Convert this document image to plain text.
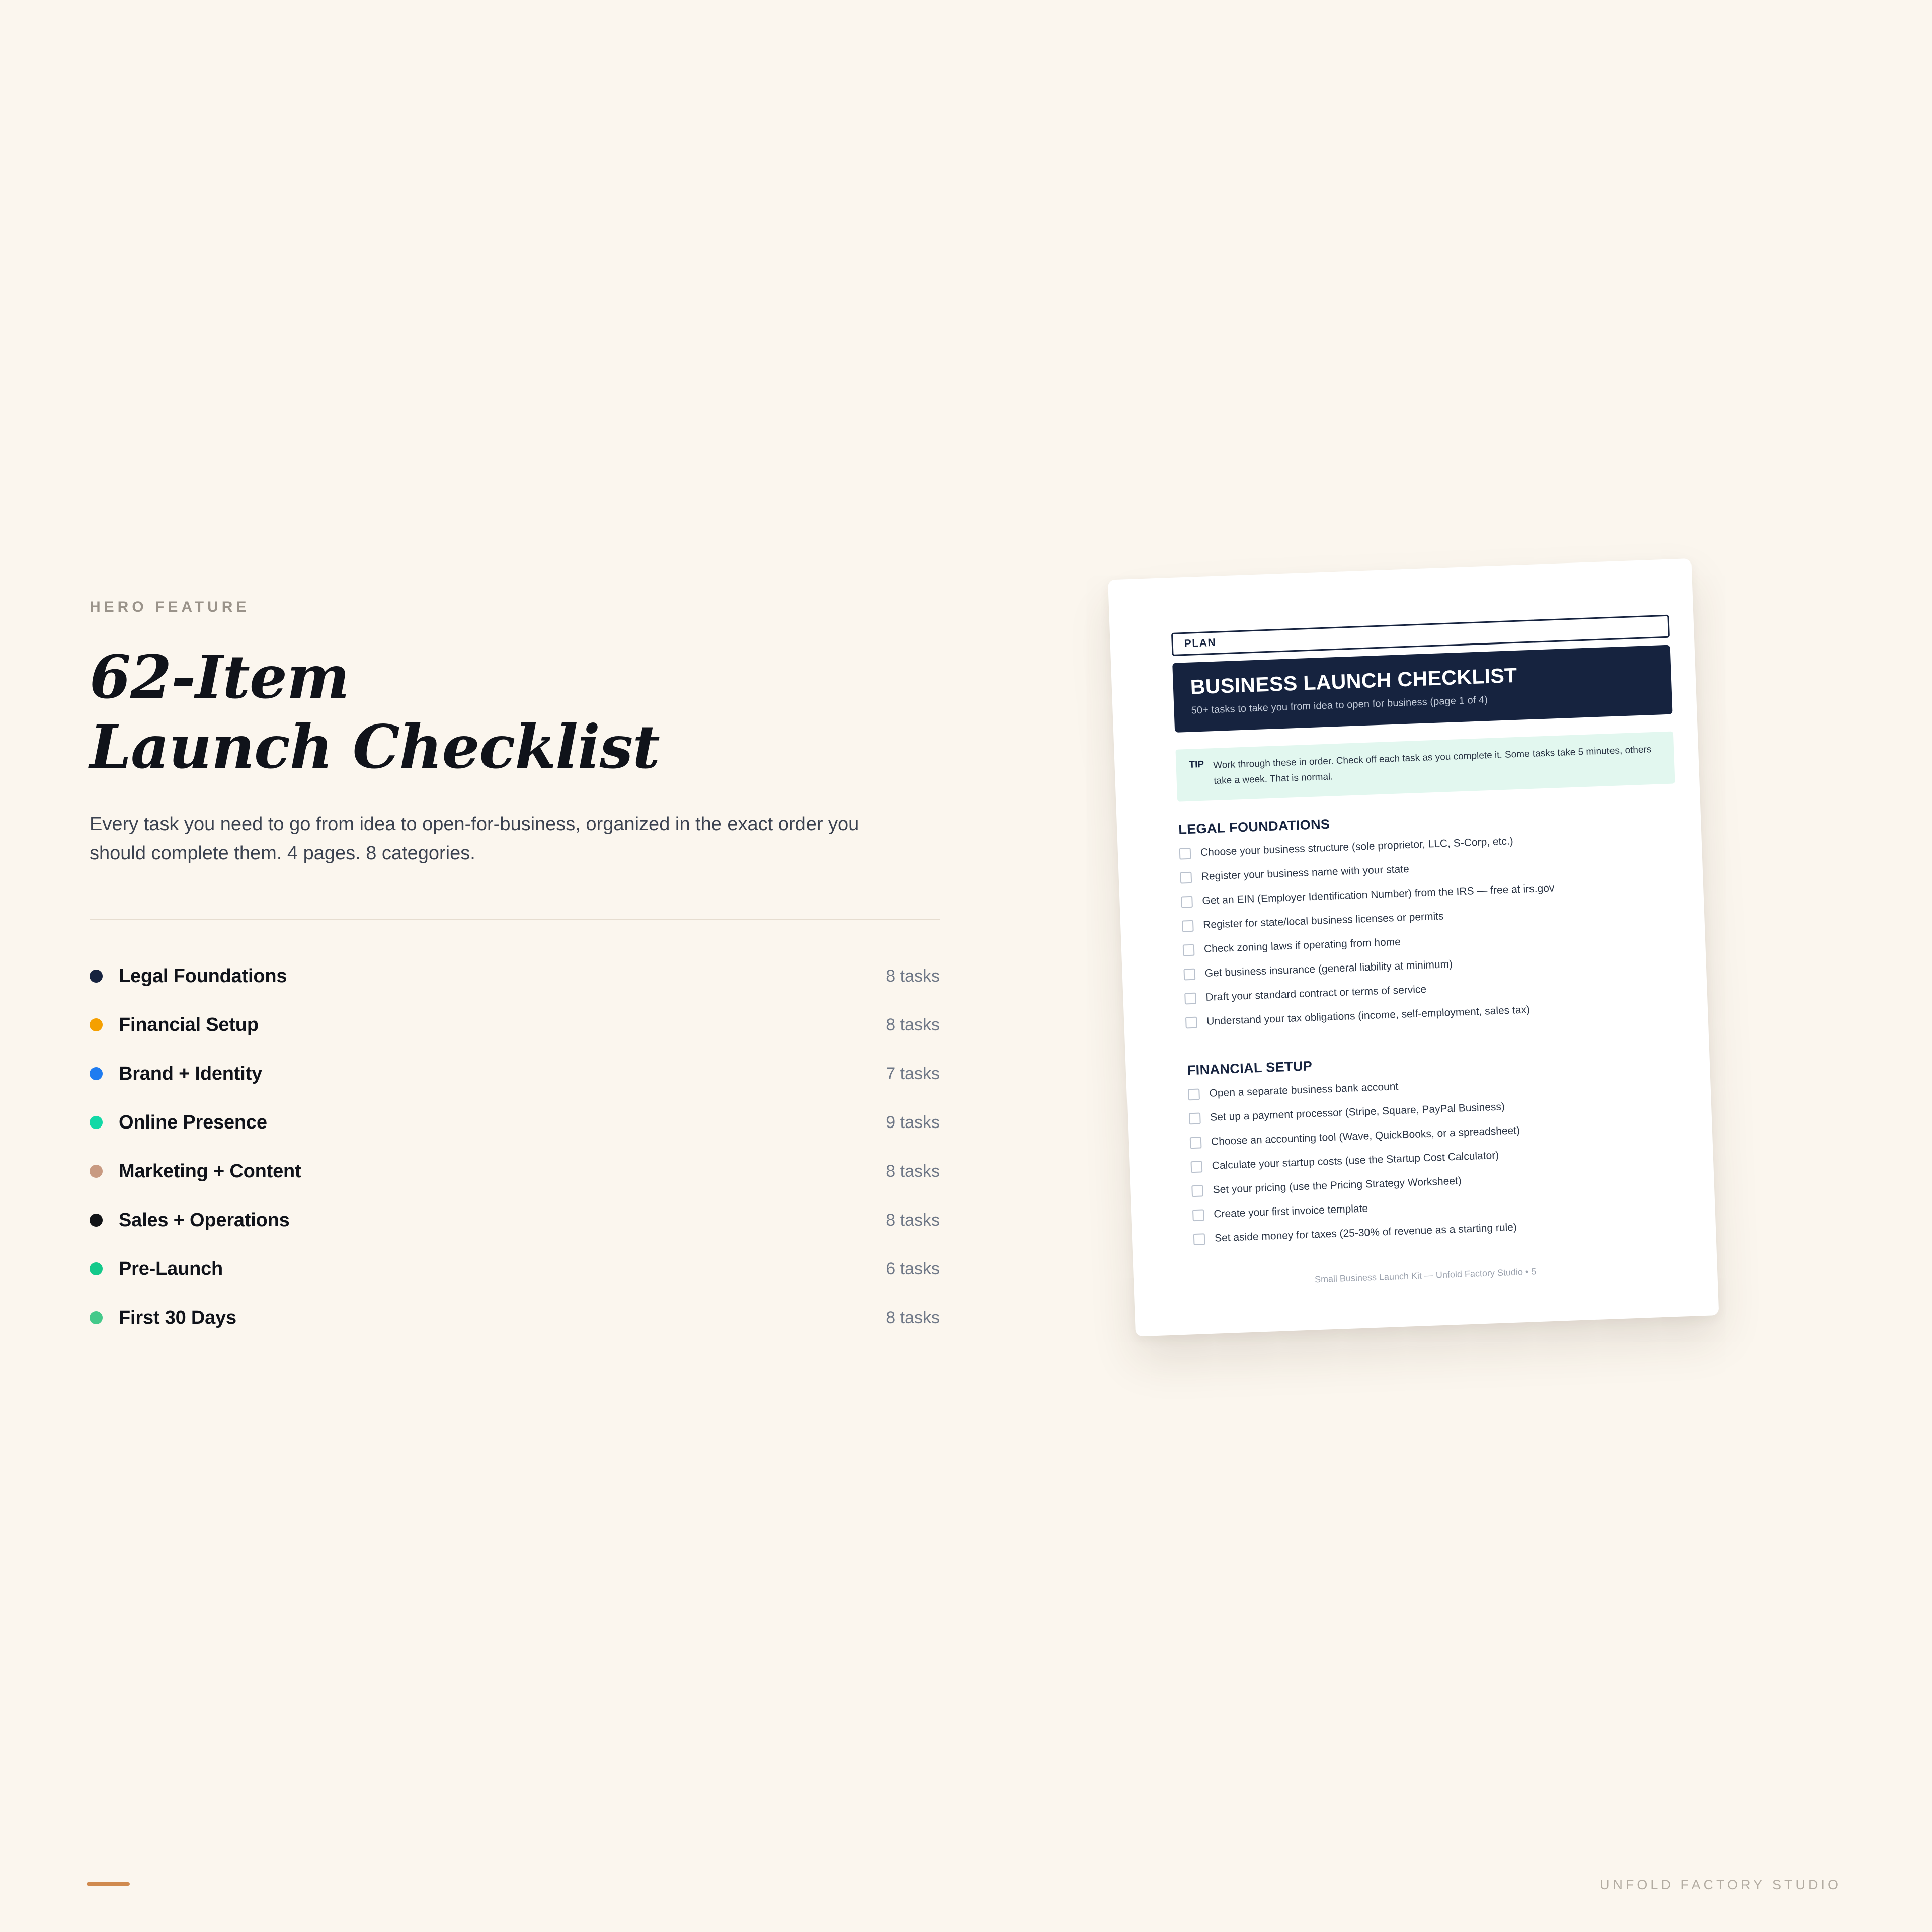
HERO FEATURE
62-Item
Launch Checklist
Every task you need to go from idea to open-for-business, organized in the exact order you should complete them. 4 pages. 8 categories.
Legal Foundations	8 tasks
Financial Setup	8 tasks
Brand + Identity	7 tasks
Online Presence	9 tasks
Marketing + Content	8 tasks
Sales + Operations	8 tasks
Pre-Launch	6 tasks
First 30 Days	8 tasks
PLAN
BUSINESS LAUNCH CHECKLIST

50+ tasks to take you from idea to open for business (page 1 of 4)

TIP Work through these in order. Check off each task as you complete it. Some tasks take 5 minutes, others take a week. That is normal.
LEGAL FOUNDATIONS
Choose your business structure (sole proprietor, LLC, S-Corp, etc.)
Register your business name with your state
Get an EIN (Employer Identification Number) from the IRS — free at irs.gov
Register for state/local business licenses or permits
Check zoning laws if operating from home
Get business insurance (general liability at minimum)
Draft your standard contract or terms of service
Understand your tax obligations (income, self-employment, sales tax)
FINANCIAL SETUP
Open a separate business bank account
Set up a payment processor (Stripe, Square, PayPal Business)
Choose an accounting tool (Wave, QuickBooks, or a spreadsheet)
Calculate your startup costs (use the Startup Cost Calculator)
Set your pricing (use the Pricing Strategy Worksheet)
Create your first invoice template
Set aside money for taxes (25-30% of revenue as a starting rule)
Small Business Launch Kit — Unfold Factory Studio • 5
UNFOLD FACTORY STUDIO
